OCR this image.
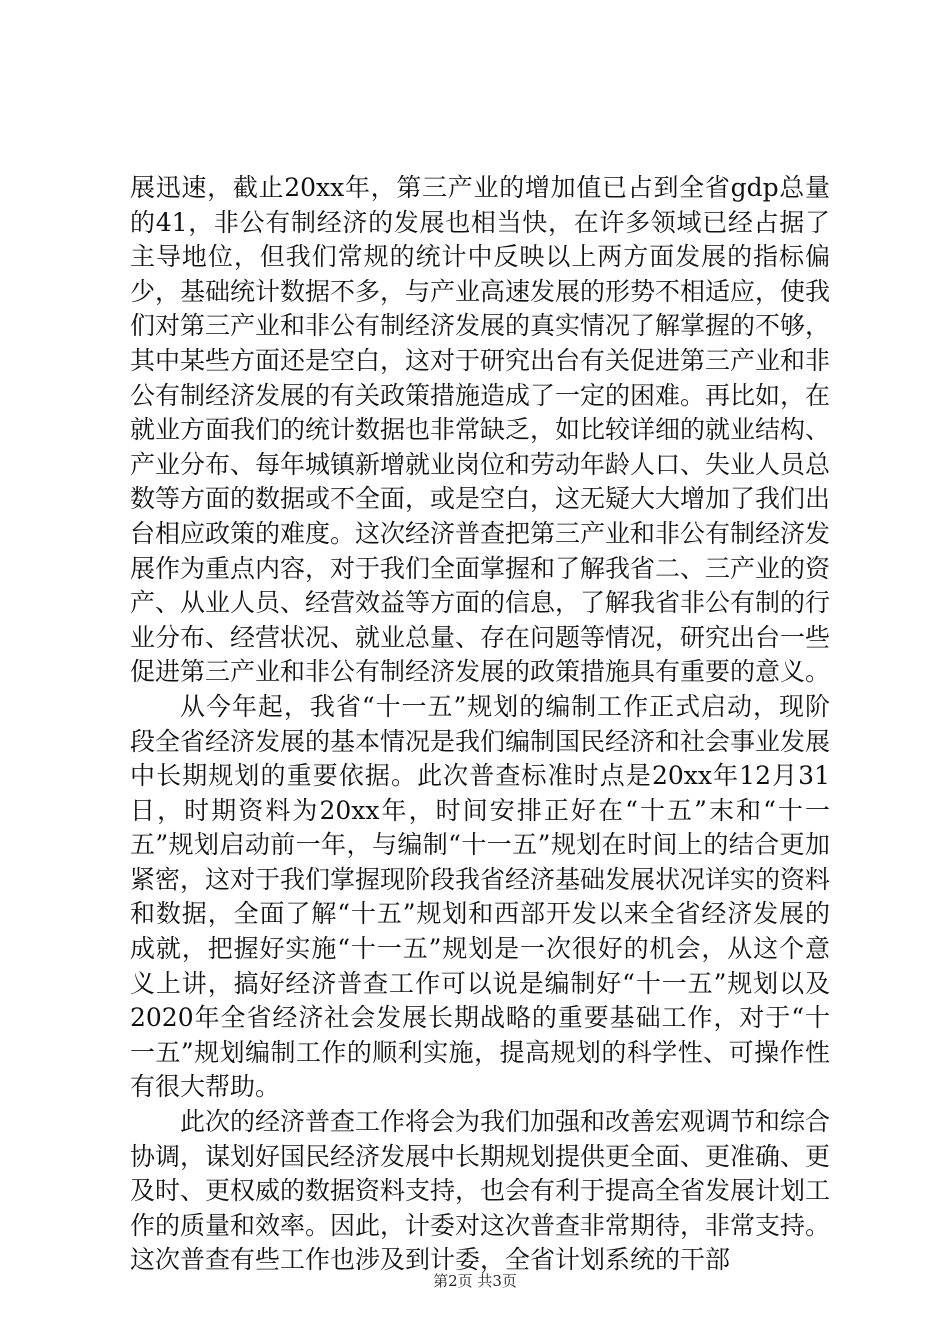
展迅速，截止20xx年，第三产业的增加值已占到全省gdp总量的41，非公有制经济的发展也相当快，在许多领域已经占据了主导地位，但我们常规的统计中反映以上两方面发展的指标偏少，基础统计数据不多，与产业高速发展的形势不相适应，使我们对第三产业和非公有制经济发展的真实情况了解掌握的不够，其中某些方面还是空白，这对于研究出台有关促进第三产业和非公有制经济发展的有关政策措施造成了一定的困难。再比如，在就业方面我们的统计数据也非常缺乏，如比较详细的就业结构、产业分布、每年城镇新增就业岗位和劳动年龄人口、失业人员总数等方面的数据或不全面，或是空白，这无疑大大增加了我们出台相应政策的难度。这次经济普查把第三产业和非公有制经济发展作为重点内容，对于我们全面掌握和了解我省二、三产业的资产、从业人员、经营效益等方面的信息，了解我省非公有制的行业分布、经营状况、就业总量、存在问题等情况，研究出台一些促进第三产业和非公有制经济发展的政策措施具有重要的意义。

从今年起，我省“十一五”规划的编制工作正式启动，现阶段全省经济发展的基本情况是我们编制国民经济和社会事业发展中长期规划的重要依据。此次普查标准时点是20xx年12月31日，时期资料为20xx年，时间安排正好在“十五”末和“十一五”规划启动前一年，与编制“十一五”规划在时间上的结合更加紧密，这对于我们掌握现阶段我省经济基础发展状况详实的资料和数据，全面了解“十五”规划和西部开发以来全省经济发展的成就，把握好实施“十一五”规划是一次很好的机会，从这个意义上讲，搞好经济普查工作可以说是编制好“十一五”规划以及2020年全省经济社会发展长期战略的重要基础工作，对于“十一五”规划编制工作的顺利实施，提高规划的科学性、可操作性有很大帮助。

此次的经济普查工作将会为我们加强和改善宏观调节和综合协调，谋划好国民经济发展中长期规划提供更全面、更准确、更及时、更权威的数据资料支持，也会有利于提高全省发展计划工作的质量和效率。因此，计委对这次普查非常期待，非常支持。这次普查有些工作也涉及到计委，全省计划系统的干部

第2页 共3页
